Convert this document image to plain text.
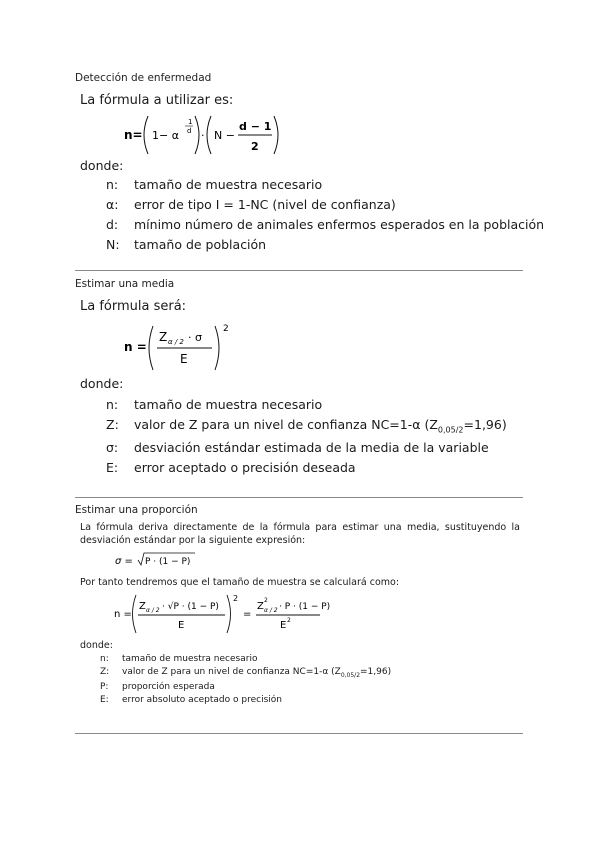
Detección de enfermedad
La fórmula a utilizar es:
n= 1− α
1
d · N −
d − 1
2
donde:
n:	tamaño de muestra necesario
α:	error de tipo I = 1-NC (nivel de confianza)
d:	mínimo número de animales enfermos esperados en la población
N:	tamaño de población
Estimar una media
La fórmula será:
n =
Z α / 2 · σ
E
2
donde:
n:	tamaño de muestra necesario
Z:	valor de Z para un nivel de confianza NC=1-α $(Z_{0,05/2}=1,96)$
σ:	desviación estándar estimada de la media de la variable
E:	error aceptado o precisión deseada
Estimar una proporción
La fórmula deriva directamente de la fórmula para estimar una media, sustituyendo la desviación estándar por la siguiente expresión:
σ = P · (1 − P)
Por tanto tendremos que el tamaño de muestra se calculará como:
n =
Z α / 2 · √P · (1 − P)
E
2
=
Z
2
α / 2 · P · (1 − P)
E 2
donde:
n:	tamaño de muestra necesario
Z:	valor de Z para un nivel de confianza NC=1-α $(Z_{0,05/2}=1,96)$
P:	proporción esperada
E:	error absoluto aceptado o precisión
